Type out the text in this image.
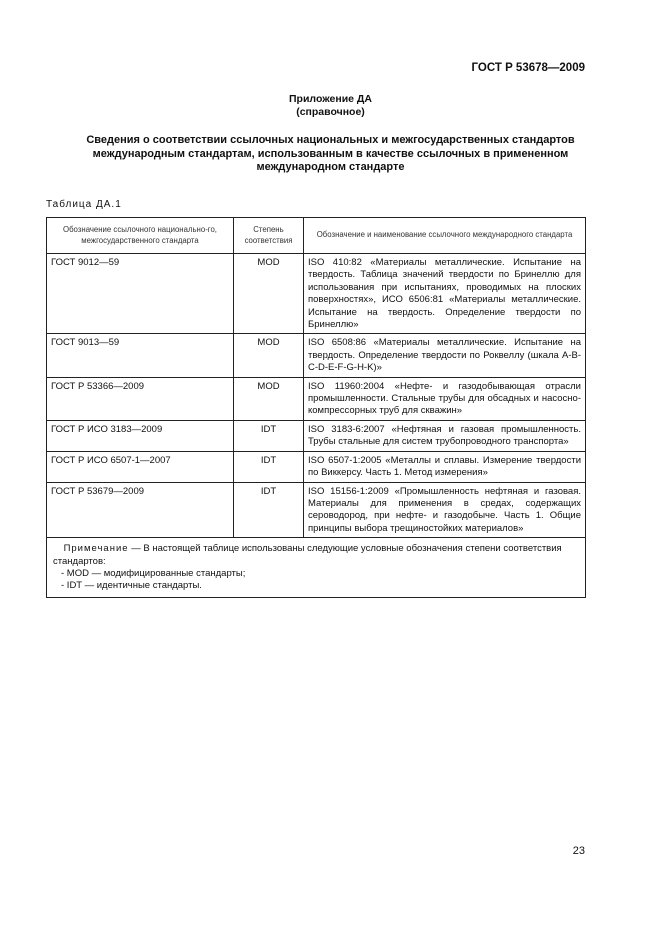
ГОСТ Р 53678—2009
Приложение ДА
(справочное)
Сведения о соответствии ссылочных национальных и межгосударственных стандартов
международным стандартам, использованным в качестве ссылочных в примененном
международном стандарте
Таблица ДА.1
Обозначение ссылочного национально-го, межгосударственного стандарта	Степень соответствия	Обозначение и наименование ссылочного международного стандарта
ГОСТ 9012—59	MOD	ISO 410:82 «Материалы металлические. Испытание на твердость. Таблица значений твердости по Бринеллю для использования при испытаниях, проводимых на плоских поверхностях», ИСО 6506:81 «Материалы металлические. Испытание на твердость. Определение твердости по Бринеллю»
ГОСТ 9013—59	MOD	ISO 6508:86 «Материалы металлические. Испытание на твердость. Определение твердости по Роквеллу (шкала A-B-C-D-E-F-G-H-K)»
ГОСТ Р 53366—2009	MOD	ISO 11960:2004 «Нефте- и газодобывающая отрасли промышленности. Стальные трубы для обсадных и насосно-компрессорных труб для скважин»
ГОСТ Р ИСО 3183—2009	IDT	ISO 3183-6:2007 «Нефтяная и газовая промышленность. Трубы стальные для систем трубопроводного транспорта»
ГОСТ Р ИСО 6507-1—2007	IDT	ISO 6507-1:2005 «Металлы и сплавы. Измерение твердости по Виккерсу. Часть 1. Метод измерения»
ГОСТ Р 53679—2009	IDT	ISO 15156-1:2009 «Промышленность нефтяная и газовая. Материалы для применения в средах, содержащих сероводород, при нефте- и газодобыче. Часть 1. Общие принципы выбора трещиностойких материалов»

Примечание — В настоящей таблице использованы следующие условные обозначения степени соответствия стандартов:
- MOD — модифицированные стандарты;
- IDT — идентичные стандарты.		
23
